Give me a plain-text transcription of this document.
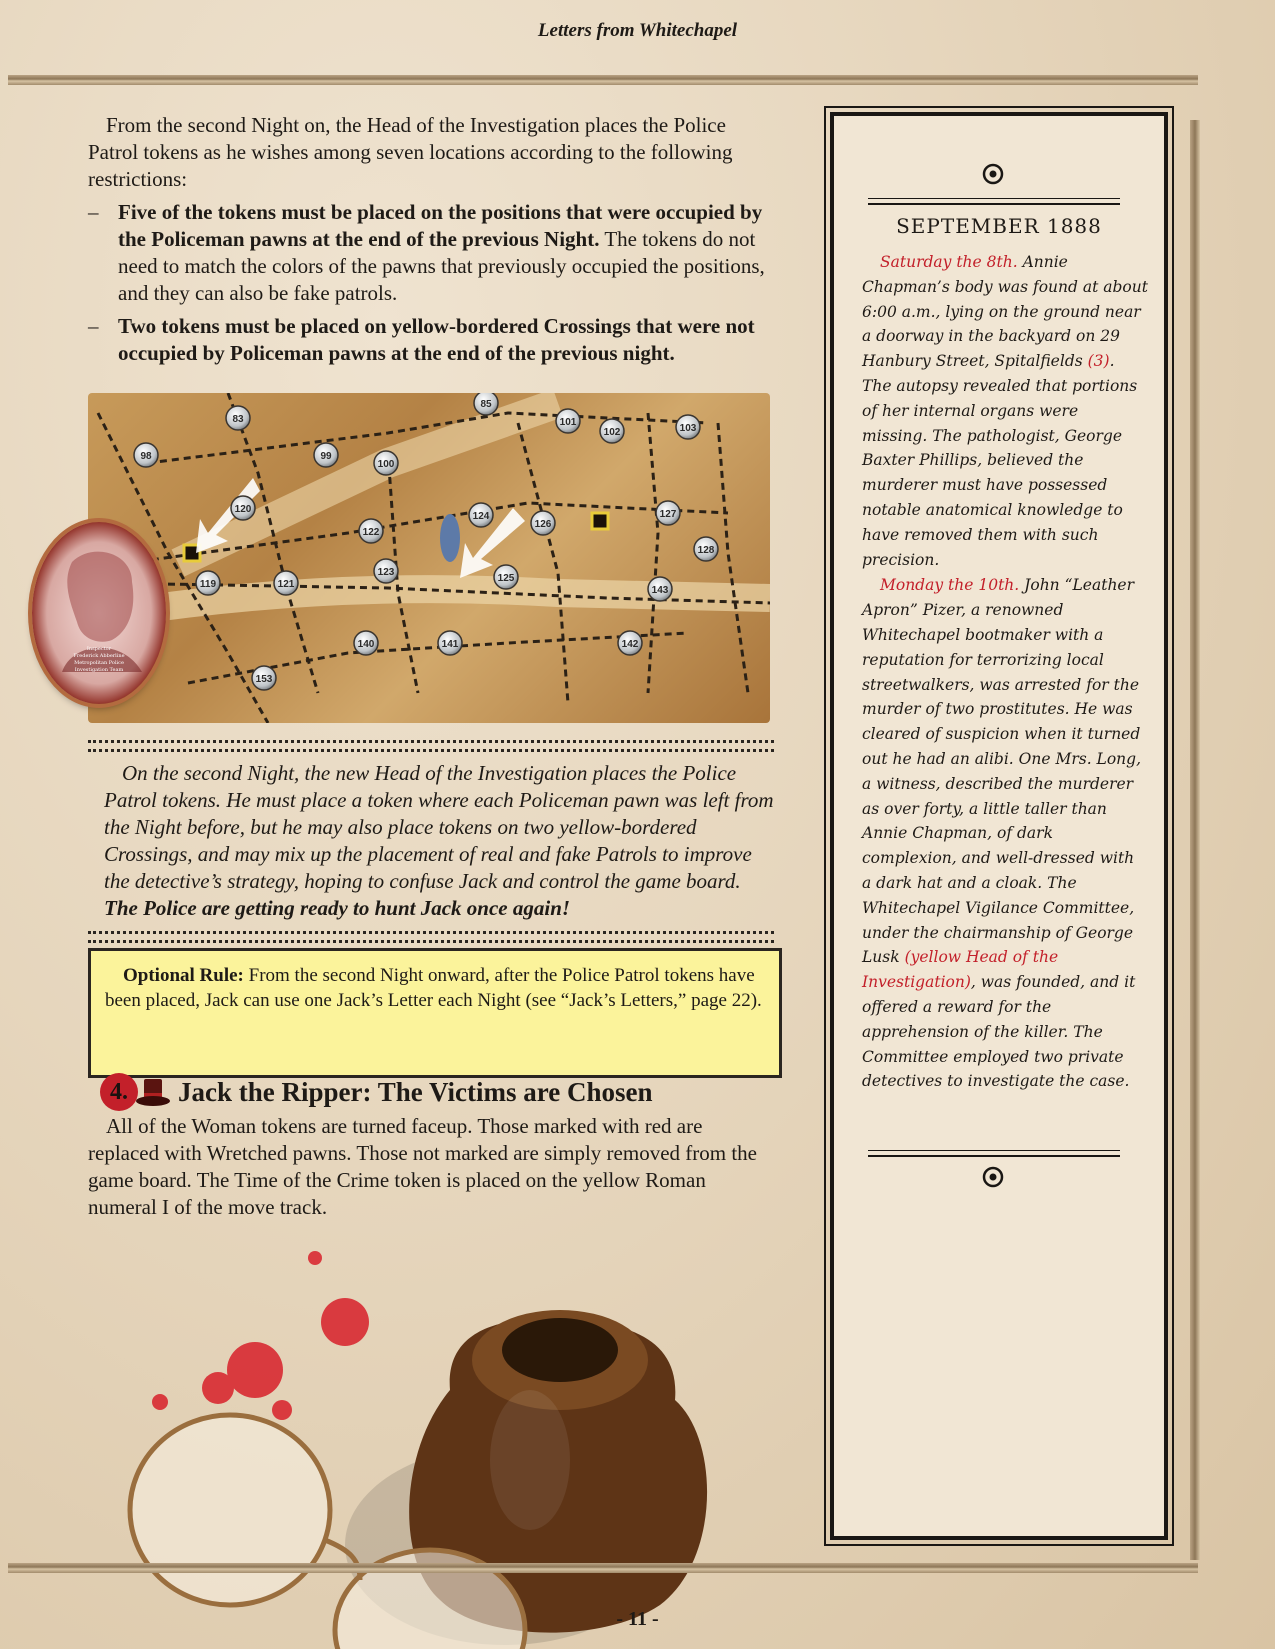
Letters from Whitechapel

From the second Night on, the Head of the Investigation places the Police Patrol tokens as he wishes among seven locations according to the following restrictions:

– Five of the tokens must be placed on the positions that were occupied by the Policeman pawns at the end of the previous Night. The tokens do not need to match the colors of the pawns that previously occupied the positions, and they can also be fake patrols.
– Two tokens must be placed on yellow-bordered Crossings that were not occupied by Policeman pawns at the end of the previous night.
83
85
98	99
100
101
102	103
119
120
121
122
123
124
125
126
127
128
140	141	142
143
153
Inspector
Frederick Abberline
Metropolitan Police
Investigation Team
On the second Night, the new Head of the Investigation places the Police Patrol tokens. He must place a token where each Policeman pawn was left from the Night before, but he may also place tokens on two yellow-bordered Crossings, and may mix up the placement of real and fake Patrols to improve the detective’s strategy, hoping to confuse Jack and control the game board. The Police are getting ready to hunt Jack once again!
Optional Rule: From the second Night onward, after the Police Patrol tokens have been placed, Jack can use one Jack’s Letter each Night (see “Jack’s Letters,” page 22).
4.	Jack the Ripper: The Victims are Chosen

All of the Woman tokens are turned faceup. Those marked with red are replaced with Wretched pawns. Those not marked are simply removed from the game board. The Time of the Crime token is placed on the yellow Roman numeral I of the move track.

SEPTEMBER 1888

Saturday the 8th. Annie Chapman’s body was found at about 6:00 a.m., lying on the ground near a doorway in the backyard on 29 Hanbury Street, Spitalfields (3). The autopsy revealed that portions of her internal organs were missing. The pathologist, George Baxter Phillips, believed the murderer must have possessed notable anatomical knowledge to have removed them with such precision.

Monday the 10th. John “Leather Apron” Pizer, a renowned Whitechapel bootmaker with a reputation for terrorizing local streetwalkers, was arrested for the murder of two prostitutes. He was cleared of suspicion when it turned out he had an alibi. One Mrs. Long, a witness, described the murderer as over forty, a little taller than Annie Chapman, of dark complexion, and well-dressed with a dark hat and a cloak. The Whitechapel Vigilance Committee, under the chairmanship of George Lusk (yellow Head of the Investigation), was founded, and it offered a reward for the apprehension of the killer. The Committee employed two private detectives to investigate the case.

- 11 -
